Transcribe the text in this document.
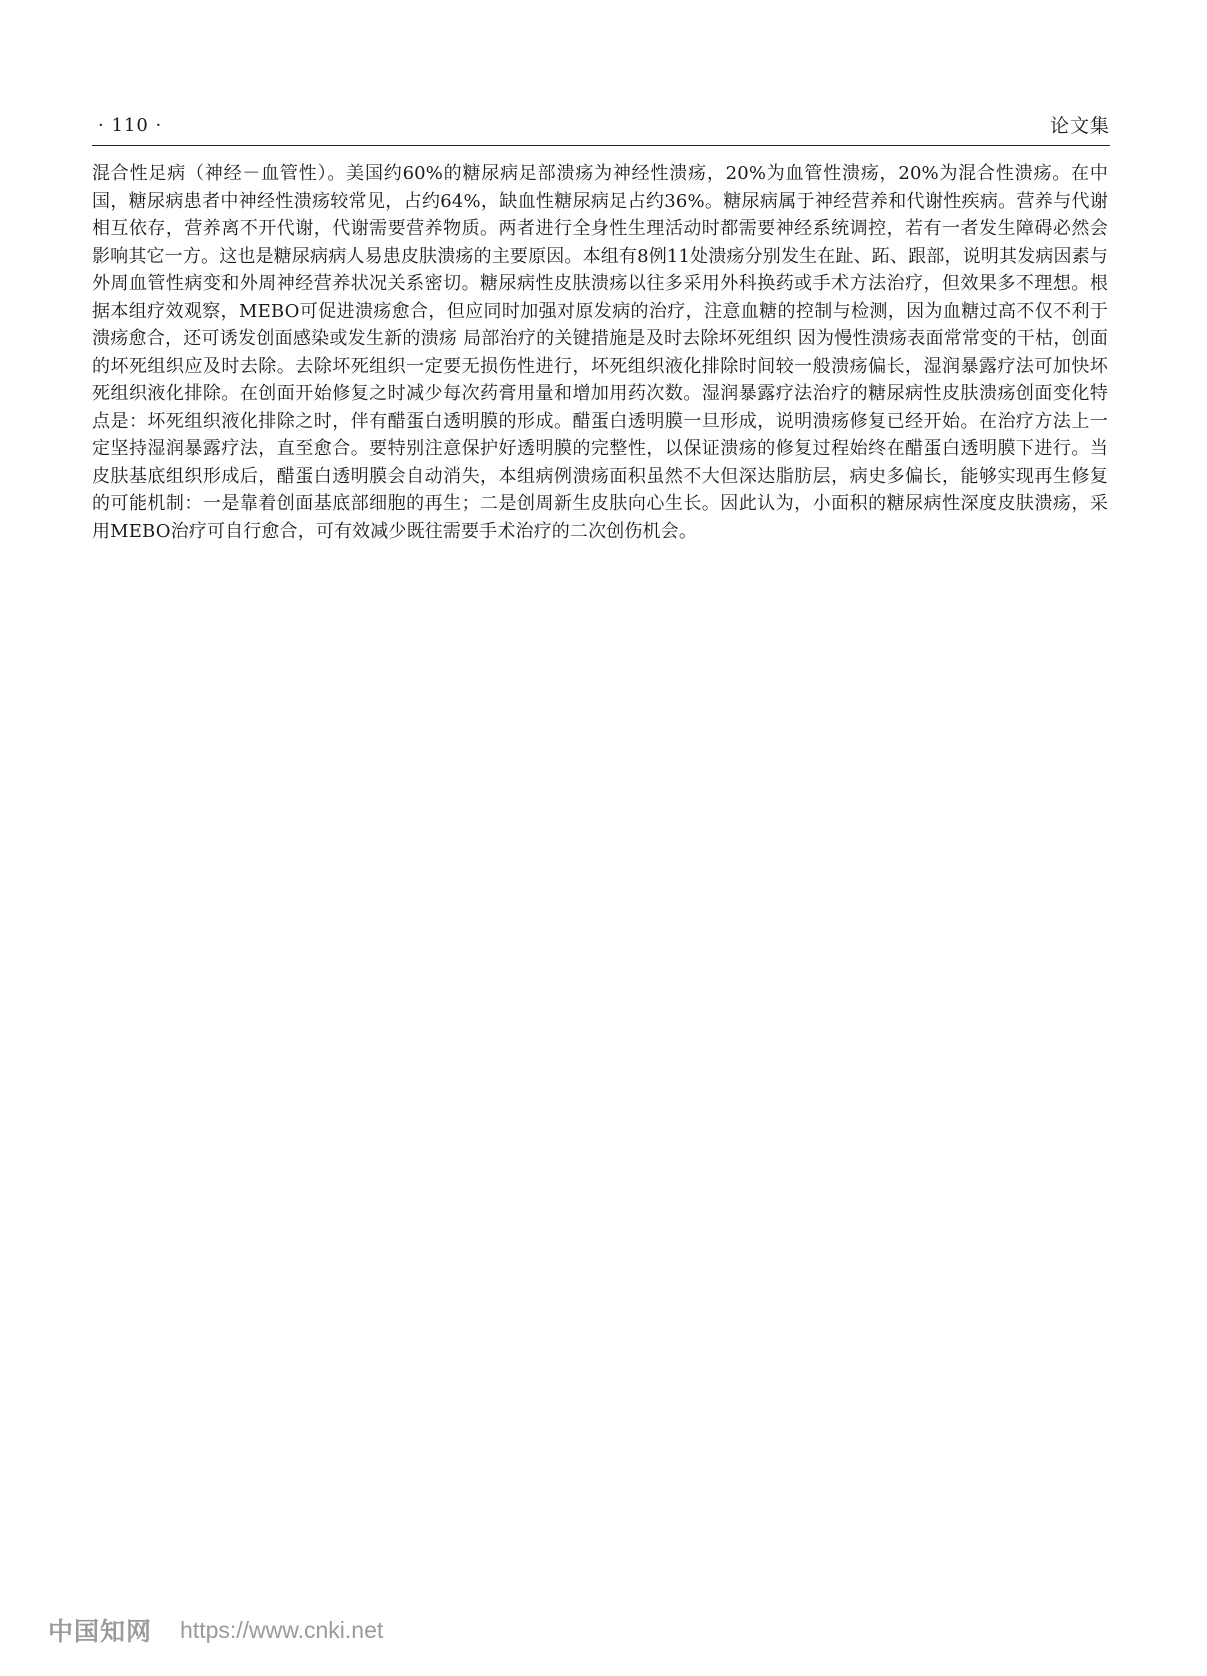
· 110 ·	论文集

混合性足病（神经－血管性）。美国约60%的糖尿病足部溃疡为神经性溃疡，20%为血管性溃疡，20%为混合性溃疡。在中国，糖尿病患者中神经性溃疡较常见，占约64%，缺血性糖尿病足占约36%。糖尿病属于神经营养和代谢性疾病。营养与代谢相互依存，营养离不开代谢，代谢需要营养物质。两者进行全身性生理活动时都需要神经系统调控，若有一者发生障碍必然会影响其它一方。这也是糖尿病病人易患皮肤溃疡的主要原因。本组有8例11处溃疡分别发生在趾、跖、跟部，说明其发病因素与外周血管性病变和外周神经营养状况关系密切。糖尿病性皮肤溃疡以往多采用外科换药或手术方法治疗，但效果多不理想。根据本组疗效观察，MEBO可促进溃疡愈合，但应同时加强对原发病的治疗，注意血糖的控制与检测，因为血糖过高不仅不利于溃疡愈合，还可诱发创面感染或发生新的溃疡 局部治疗的关键措施是及时去除坏死组织 因为慢性溃疡表面常常变的干枯，创面的坏死组织应及时去除。去除坏死组织一定要无损伤性进行，坏死组织液化排除时间较一般溃疡偏长，湿润暴露疗法可加快坏死组织液化排除。在创面开始修复之时减少每次药膏用量和增加用药次数。湿润暴露疗法治疗的糖尿病性皮肤溃疡创面变化特点是：坏死组织液化排除之时，伴有醋蛋白透明膜的形成。醋蛋白透明膜一旦形成，说明溃疡修复已经开始。在治疗方法上一定坚持湿润暴露疗法，直至愈合。要特别注意保护好透明膜的完整性，以保证溃疡的修复过程始终在醋蛋白透明膜下进行。当皮肤基底组织形成后，醋蛋白透明膜会自动消失，本组病例溃疡面积虽然不大但深达脂肪层，病史多偏长，能够实现再生修复的可能机制：一是靠着创面基底部细胞的再生；二是创周新生皮肤向心生长。因此认为，小面积的糖尿病性深度皮肤溃疡，采用MEBO治疗可自行愈合，可有效减少既往需要手术治疗的二次创伤机会。

中国知网 https://www.cnki.net
